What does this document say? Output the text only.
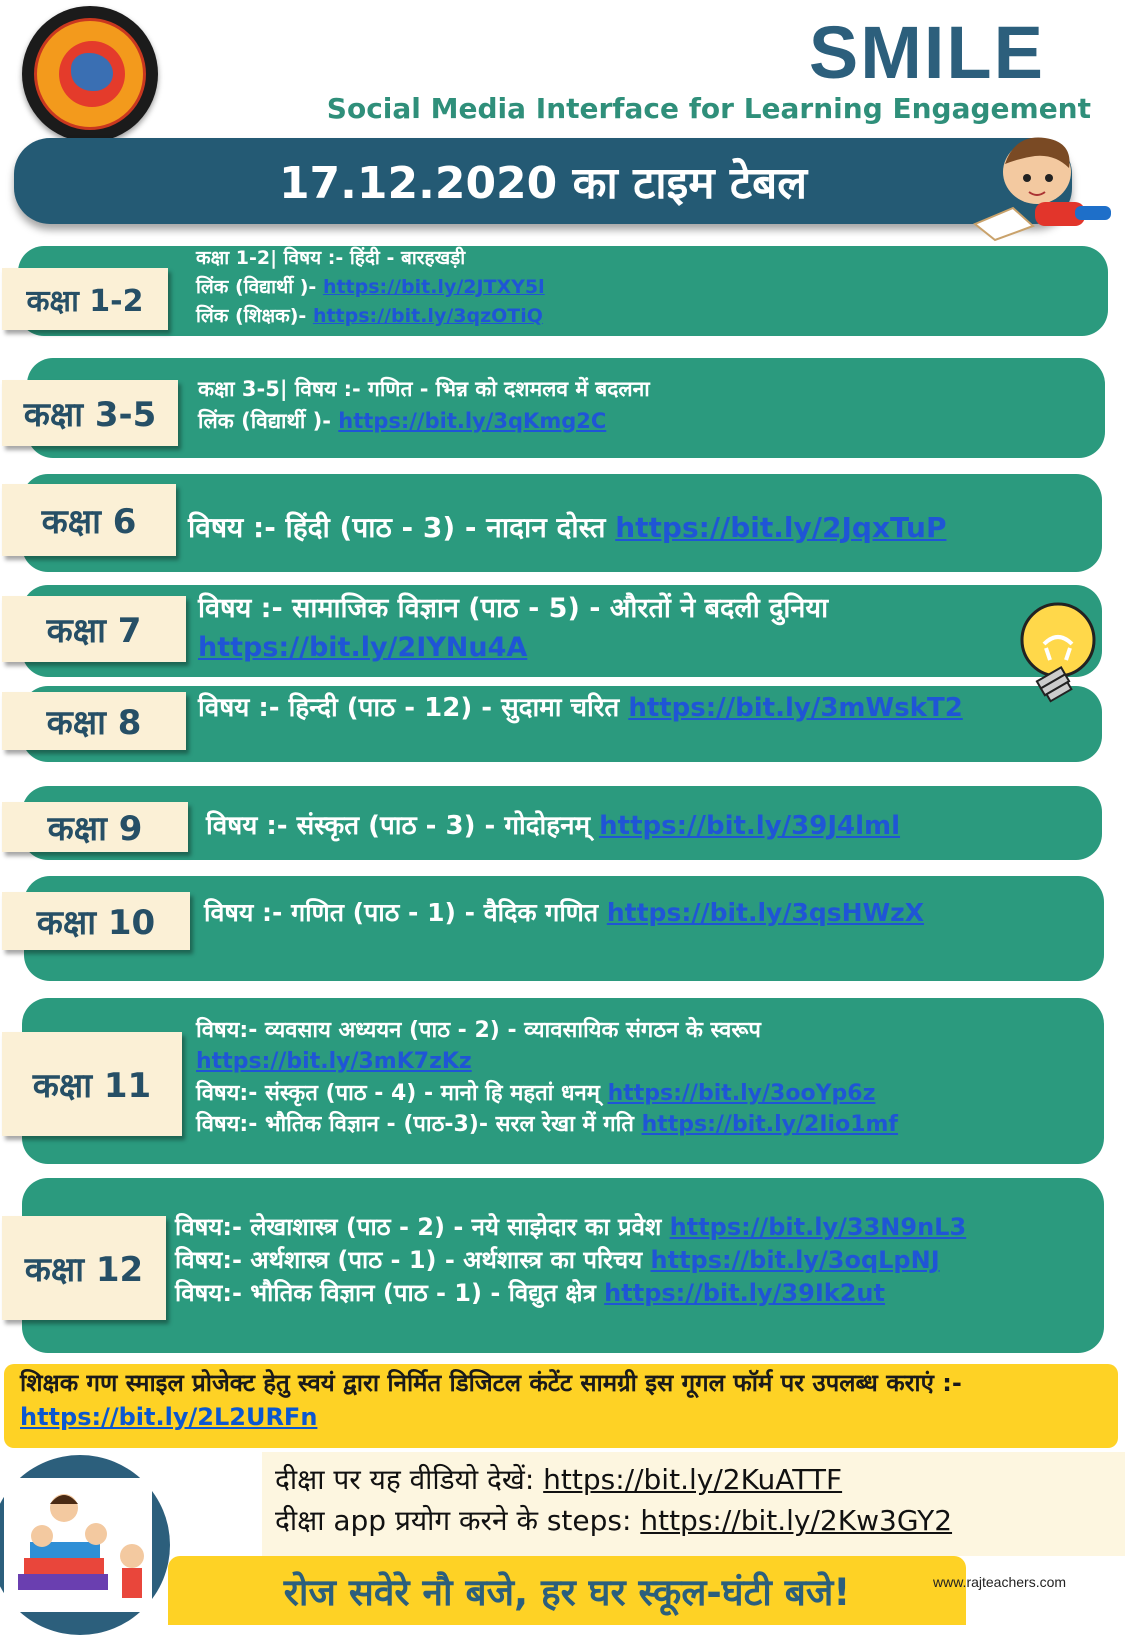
SMILE
Social Media Interface for Learning Engagement
17.12.2020 का टाइम टेबल
कक्षा 1-2
कक्षा 3-5
कक्षा 6
कक्षा 7
कक्षा 8
कक्षा 9
कक्षा 10
कक्षा 11
कक्षा 12
कक्षा 1-2| विषय :- हिंदी - बारहखड़ी
लिंक (विद्यार्थी )- https://bit.ly/2JTXY5l
लिंक (शिक्षक)- https://bit.ly/3qzOTiQ
कक्षा 3-5| विषय :- गणित - भिन्न को दशमलव में बदलना
लिंक (विद्यार्थी )- https://bit.ly/3qKmg2C
विषय :- हिंदी (पाठ - 3) - नादान दोस्त https://bit.ly/2JqxTuP
विषय :- सामाजिक विज्ञान (पाठ - 5) - औरतों ने बदली दुनिया
https://bit.ly/2IYNu4A
विषय :- हिन्दी (पाठ - 12) - सुदामा चरित https://bit.ly/3mWskT2
विषय :- संस्कृत (पाठ - 3) - गोदोहनम् https://bit.ly/39J4lml
विषय :- गणित (पाठ - 1) - वैदिक गणित https://bit.ly/3qsHWzX
विषय:- व्यवसाय अध्ययन (पाठ - 2) - व्यावसायिक संगठन के स्वरूप
https://bit.ly/3mK7zKz
विषय:- संस्कृत (पाठ - 4) - मानो हि महतां धनम् https://bit.ly/3ooYp6z
विषय:- भौतिक विज्ञान - (पाठ-3)- सरल रेखा में गति https://bit.ly/2Iio1mf
विषय:- लेखाशास्त्र (पाठ - 2) - नये साझेदार का प्रवेश https://bit.ly/33N9nL3
विषय:- अर्थशास्त्र (पाठ - 1) - अर्थशास्त्र का परिचय https://bit.ly/3oqLpNJ
विषय:- भौतिक विज्ञान (पाठ - 1) - विद्युत क्षेत्र https://bit.ly/39Ik2ut
शिक्षक गण स्माइल प्रोजेक्ट हेतु स्वयं द्वारा निर्मित डिजिटल कंटेंट सामग्री इस गूगल फॉर्म पर उपलब्ध कराएं :- https://bit.ly/2L2URFn
दीक्षा पर यह वीडियो देखें: https://bit.ly/2KuATTF
दीक्षा app प्रयोग करने के steps: https://bit.ly/2Kw3GY2
रोज सवेरे नौ बजे, हर घर स्कूल-घंटी बजे!	www.rajteachers.com
